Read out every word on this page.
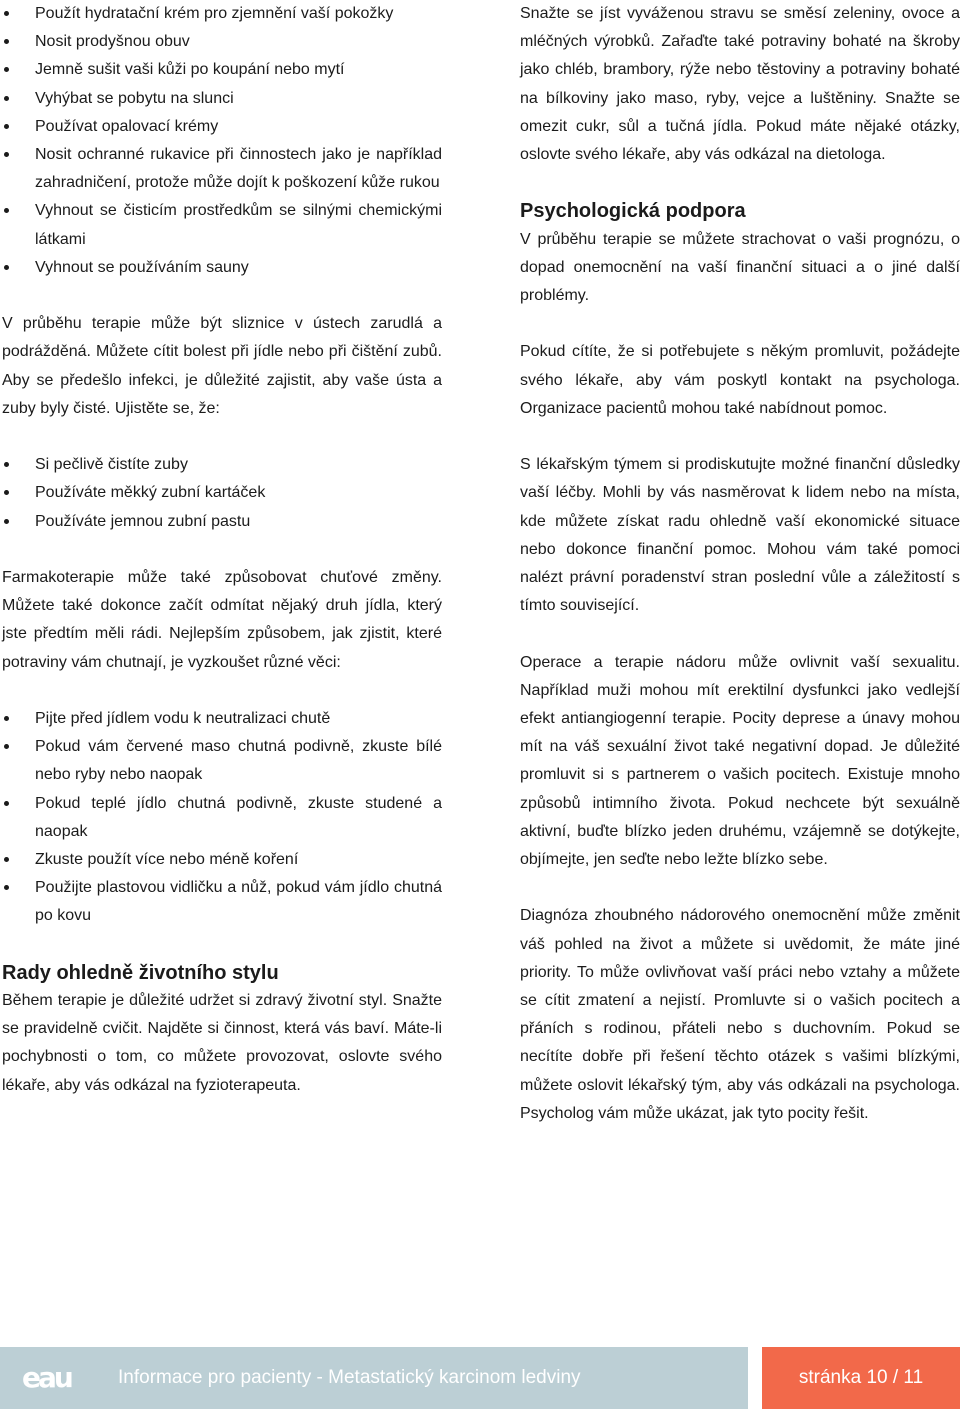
Použít hydratační krém pro zjemnění vaší pokožky
Nosit prodyšnou obuv
Jemně sušit vaši kůži po koupání nebo mytí
Vyhýbat se pobytu na slunci
Používat opalovací krémy
Nosit ochranné rukavice při činnostech jako je například zahradničení, protože může dojít k poškození kůže rukou
Vyhnout se čisticím prostředkům se silnými chemickými látkami
Vyhnout se používáním sauny

V průběhu terapie může být sliznice v ústech zarudlá a podrážděná. Můžete cítit bolest při jídle nebo při čištění zubů. Aby se předešlo infekci, je důležité zajistit, aby vaše ústa a zuby byly čisté. Ujistěte se, že:

Si pečlivě čistíte zuby
Používáte měkký zubní kartáček
Používáte jemnou zubní pastu

Farmakoterapie může také způsobovat chuťové změny. Můžete také dokonce začít odmítat nějaký druh jídla, který jste předtím měli rádi. Nejlepším způsobem, jak zjistit, které potraviny vám chutnají, je vyzkoušet různé věci:

Pijte před jídlem vodu k neutralizaci chutě
Pokud vám červené maso chutná podivně, zkuste bílé nebo ryby nebo naopak
Pokud teplé jídlo chutná podivně, zkuste studené a naopak
Zkuste použít více nebo méně koření
Použijte plastovou vidličku a nůž, pokud vám jídlo chutná po kovu
Rady ohledně životního stylu

Během terapie je důležité udržet si zdravý životní styl. Snažte se pravidelně cvičit. Najděte si činnost, která vás baví. Máte-li pochybnosti o tom, co můžete provozovat, oslovte svého lékaře, aby vás odkázal na fyzioterapeuta.

Snažte se jíst vyváženou stravu se směsí zeleniny, ovoce a mléčných výrobků. Zařaďte také potraviny bohaté na škroby jako chléb, brambory, rýže nebo těstoviny a potraviny bohaté na bílkoviny jako maso, ryby, vejce a luštěniny. Snažte se omezit cukr, sůl a tučná jídla. Pokud máte nějaké otázky, oslovte svého lékaře, aby vás odkázal na dietologa.

Psychologická podpora

V průběhu terapie se můžete strachovat o vaši prognózu, o dopad onemocnění na vaší finanční situaci a o jiné další problémy.

Pokud cítíte, že si potřebujete s někým promluvit, požádejte svého lékaře, aby vám poskytl kontakt na psychologa. Organizace pacientů mohou také nabídnout pomoc.

S lékařským týmem si prodiskutujte možné finanční důsledky vaší léčby. Mohli by vás nasměrovat k lidem nebo na místa, kde můžete získat radu ohledně vaší ekonomické situace nebo dokonce finanční pomoc. Mohou vám také pomoci nalézt právní poradenství stran poslední vůle a záležitostí s tímto související.

Operace a terapie nádoru může ovlivnit vaší sexualitu. Například muži mohou mít erektilní dysfunkci jako vedlejší efekt antiangiogenní terapie. Pocity deprese a únavy mohou mít na váš sexuální život také negativní dopad. Je důležité promluvit si s partnerem o vašich pocitech. Existuje mnoho způsobů intimního života. Pokud nechcete být sexuálně aktivní, buďte blízko jeden druhému, vzájemně se dotýkejte, objímejte, jen seďte nebo ležte blízko sebe.

Diagnóza zhoubného nádorového onemocnění může změnit váš pohled na život a můžete si uvědomit, že máte jiné priority. To může ovlivňovat vaší práci nebo vztahy a můžete se cítit zmatení a nejistí. Promluvte si o vašich pocitech a přáních s rodinou, přáteli nebo s duchovním. Pokud se necítíte dobře při řešení těchto otázek s vašimi blízkými, můžete oslovit lékařský tým, aby vás odkázali na psychologa. Psycholog vám může ukázat, jak tyto pocity řešit.

eau Informace pro pacienty - Metastatický karcinom ledviny	stránka 10 / 11
